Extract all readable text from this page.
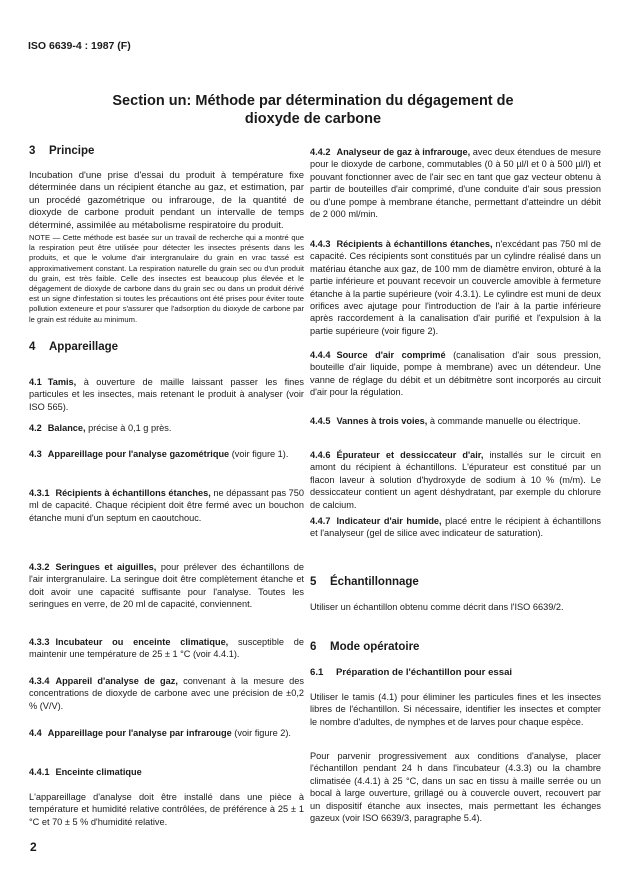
ISO 6639-4 : 1987 (F)
Section un: Méthode par détermination du dégagement de
dioxyde de carbone
3 Principe
Incubation d'une prise d'essai du produit à température fixe déterminée dans un récipient étanche au gaz, et estimation, par un procédé gazométrique ou infrarouge, de la quantité de dioxyde de carbone produit pendant un intervalle de temps déterminé, assimilée au métabolisme respiratoire du produit.
NOTE — Cette méthode est basée sur un travail de recherche qui a montré que la respiration peut être utilisée pour détecter les insectes présents dans les produits, et que le volume d'air intergranulaire du grain en vrac tassé est approximativement constant. La respiration naturelle du grain sec ou d'un produit du grain, est très faible. Celle des insectes est beaucoup plus élevée et le dégagement de dioxyde de carbone dans du grain sec ou dans un produit dérivé est un signe d'infestation si toutes les précautions ont été prises pour éviter toute pollution exteneure et pour s'assurer que l'adsorption du dioxyde de carbone par le grain est réduite au minimum.
4 Appareillage
4.1 Tamis, à ouverture de maille laissant passer les fines particules et les insectes, mais retenant le produit à analyser (voir ISO 565).
4.2 Balance, précise à 0,1 g près.
4.3 Appareillage pour l'analyse gazométrique (voir figure 1).
4.3.1 Récipients à échantillons étanches, ne dépassant pas 750 ml de capacité. Chaque récipient doit être fermé avec un bouchon étanche muni d'un septum en caoutchouc.
4.3.2 Seringues et aiguilles, pour prélever des échantillons de l'air intergranulaire. La seringue doit être complètement étanche et doit avoir une capacité suffisante pour l'analyse. Toutes les seringues en verre, de 20 ml de capacité, conviennent.
4.3.3 Incubateur ou enceinte climatique, susceptible de maintenir une température de 25 ± 1 °C (voir 4.4.1).
4.3.4 Appareil d'analyse de gaz, convenant à la mesure des concentrations de dioxyde de carbone avec une précision de ±0,2 % (V/V).
4.4 Appareillage pour l'analyse par infrarouge (voir figure 2).
4.4.1 Enceinte climatique
L'appareillage d'analyse doit être installé dans une pièce à température et humidité relative contrôlées, de préférence à 25 ± 1 °C et 70 ± 5 % d'humidité relative.
2
4.4.2 Analyseur de gaz à infrarouge, avec deux étendues de mesure pour le dioxyde de carbone, commutables (0 à 50 µl/l et 0 à 500 µl/l) et pouvant fonctionner avec de l'air sec en tant que gaz vecteur obtenu à partir de bouteilles d'air comprimé, d'une conduite d'air sous pression ou d'une pompe à membrane étanche, permettant d'atteindre un débit de 2 000 ml/min.
4.4.3 Récipients à échantillons étanches, n'excédant pas 750 ml de capacité. Ces récipients sont constitués par un cylindre réalisé dans un matériau étanche aux gaz, de 100 mm de diamètre environ, obturé à la partie inférieure et pouvant recevoir un couvercle amovible à fermeture étanche à la partie supérieure (voir 4.3.1). Le cylindre est muni de deux orifices avec ajutage pour l'introduction de l'air à la partie inférieure après raccordement à la canalisation d'air purifié et l'expulsion à la partie supérieure (voir figure 2).
4.4.4 Source d'air comprimé (canalisation d'air sous pression, bouteille d'air liquide, pompe à membrane) avec un détendeur. Une vanne de réglage du débit et un débitmètre sont incorporés au circuit d'air pour la régulation.
4.4.5 Vannes à trois voies, à commande manuelle ou électrique.
4.4.6 Épurateur et dessiccateur d'air, installés sur le circuit en amont du récipient à échantillons. L'épurateur est constitué par un flacon laveur à solution d'hydroxyde de sodium à 10 % (m/m). Le dessiccateur contient un agent déshydratant, par exemple du chlorure de calcium.
4.4.7 Indicateur d'air humide, placé entre le récipient à échantillons et l'analyseur (gel de silice avec indicateur de saturation).
5 Échantillonnage
Utiliser un échantillon obtenu comme décrit dans l'ISO 6639/2.
6 Mode opératoire
6.1 Préparation de l'échantillon pour essai
Utiliser le tamis (4.1) pour éliminer les particules fines et les insectes libres de l'échantillon. Si nécessaire, identifier les insectes et compter le nombre d'adultes, de nymphes et de larves pour chaque espèce.
Pour parvenir progressivement aux conditions d'analyse, placer l'échantillon pendant 24 h dans l'incubateur (4.3.3) ou la chambre climatisée (4.4.1) à 25 °C, dans un sac en tissu à maille serrée ou un bocal à large ouverture, grillagé ou à couvercle ouvert, recouvert par un dispositif étanche aux insectes, mais permettant les échanges gazeux (voir ISO 6639/3, paragraphe 5.4).
